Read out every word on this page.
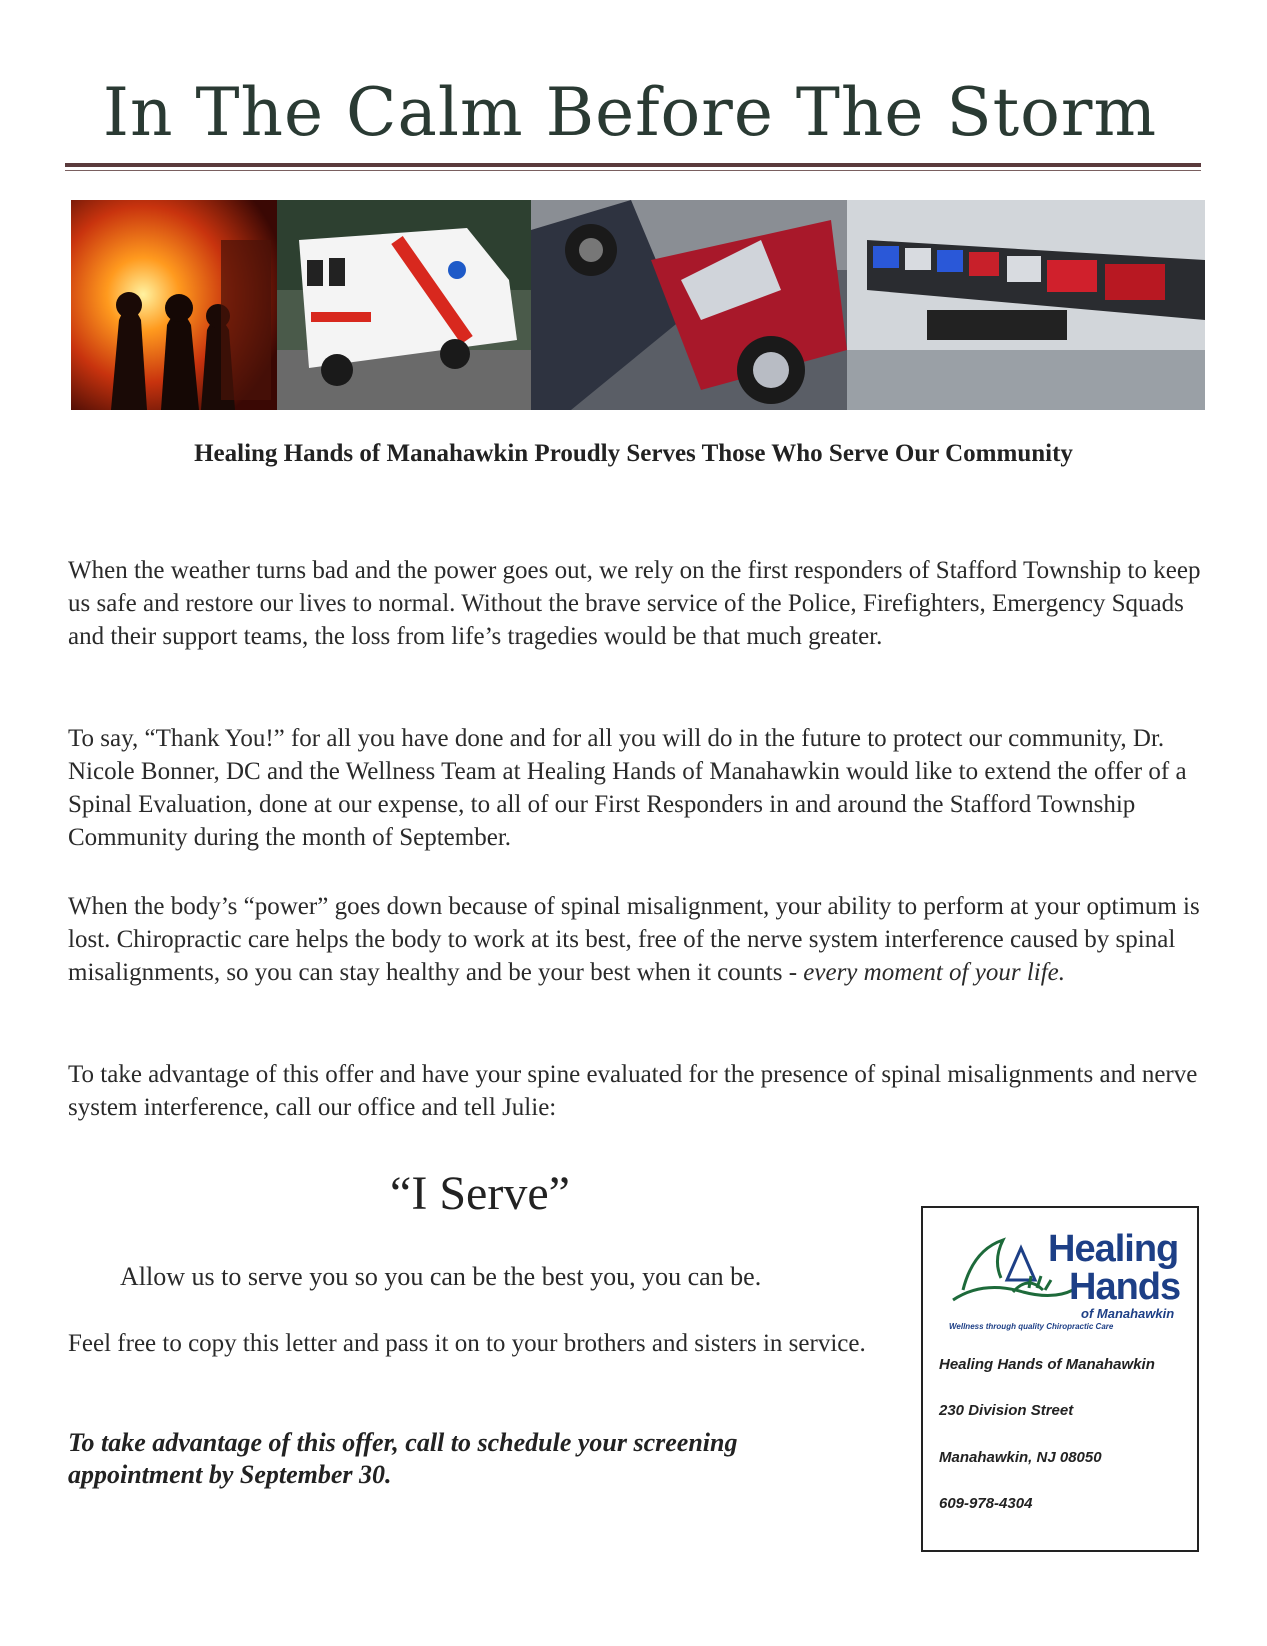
In The Calm Before The Storm
Healing Hands of Manahawkin Proudly Serves Those Who Serve Our Community

When the weather turns bad and the power goes out, we rely on the first responders of Stafford Township to keep us safe and restore our lives to normal. Without the brave service of the Police, Firefighters, Emergency Squads and their support teams, the loss from life’s tragedies would be that much greater.

To say, “Thank You!” for all you have done and for all you will do in the future to protect our community, Dr. Nicole Bonner, DC and the Wellness Team at Healing Hands of Manahawkin would like to extend the offer of a Spinal Evaluation, done at our expense, to all of our First Responders in and around the Stafford Township Community during the month of September.

When the body’s “power” goes down because of spinal misalignment, your ability to perform at your optimum is lost. Chiropractic care helps the body to work at its best, free of the nerve system interference caused by spinal misalignments, so you can stay healthy and be your best when it counts - every moment of your life.

To take advantage of this offer and have your spine evaluated for the presence of spinal misalignments and nerve system interference, call our office and tell Julie:

“I Serve”
Allow us to serve you so you can be the best you, you can be.
Feel free to copy this letter and pass it on to your brothers and sisters in service.
To take advantage of this offer, call to schedule your screening appointment by September 30.
Healing
Hands
of Manahawkin
Wellness through quality Chiropractic Care
Healing Hands of Manahawkin
230 Division Street
Manahawkin, NJ 08050
609-978-4304
